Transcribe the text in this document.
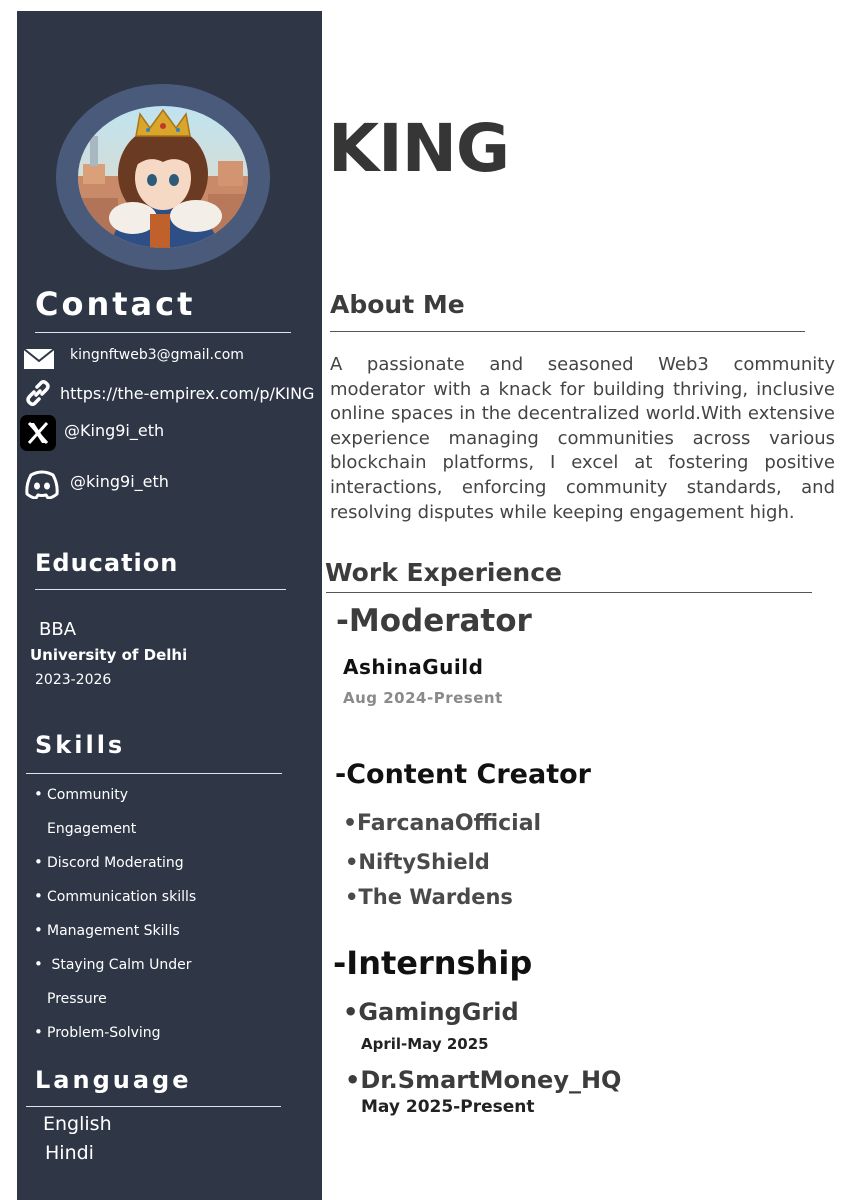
Contact
kingnftweb3@gmail.com
https://the-empirex.com/p/KING
@King9i_eth
@king9i_eth
Education
BBA
University of Delhi
2023-2026
Skills
• Community
Engagement
• Discord Moderating
• Communication skills
• Management Skills
• Staying Calm Under
Pressure
• Problem-Solving
Language
English
Hindi
KING
About Me
A passionate and seasoned Web3 community moderator with a knack for building thriving, inclusive online spaces in the decentralized world.With extensive experience managing communities across various blockchain platforms, I excel at fostering positive interactions, enforcing community standards, and resolving disputes while keeping engagement high.
Work Experience
-Moderator
AshinaGuild
Aug 2024-Present
-Content Creator
•FarcanaOfficial
•NiftyShield
•The Wardens
-Internship
•GamingGrid
April-May 2025
•Dr.SmartMoney_HQ
May 2025-Present
